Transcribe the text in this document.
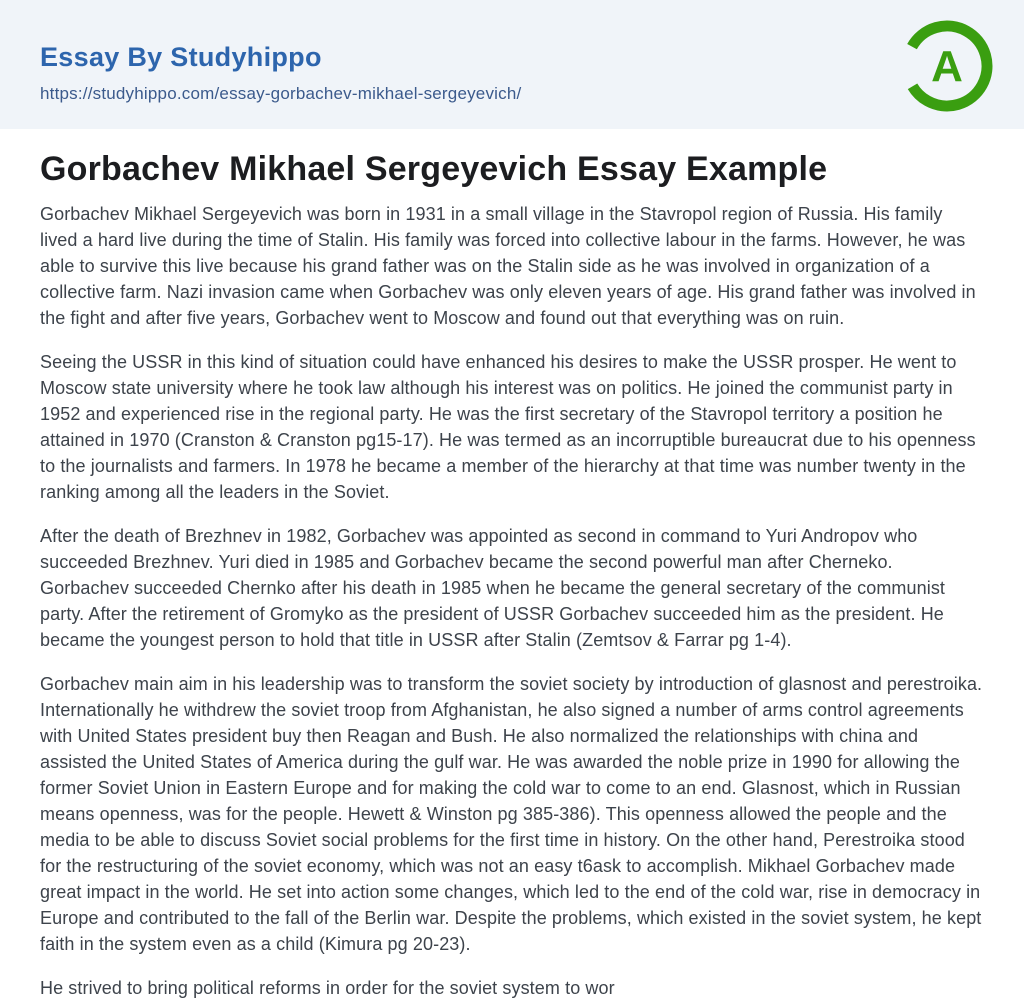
Essay By Studyhippo
https://studyhippo.com/essay-gorbachev-mikhael-sergeyevich/
A
Gorbachev Mikhael Sergeyevich Essay Example

Gorbachev Mikhael Sergeyevich was born in 1931 in a small village in the Stavropol region of Russia. His family lived a hard live during the time of Stalin. His family was forced into collective labour in the farms. However, he was able to survive this live because his grand father was on the Stalin side as he was involved in organization of a collective farm. Nazi invasion came when Gorbachev was only eleven years of age. His grand father was involved in the fight and after five years, Gorbachev went to Moscow and found out that everything was on ruin.

Seeing the USSR in this kind of situation could have enhanced his desires to make the USSR prosper. He went to Moscow state university where he took law although his interest was on politics. He joined the communist party in 1952 and experienced rise in the regional party. He was the first secretary of the Stavropol territory a position he attained in 1970 (Cranston & Cranston pg15-17). He was termed as an incorruptible bureaucrat due to his openness to the journalists and farmers. In 1978 he became a member of the hierarchy at that time was number twenty in the ranking among all the leaders in the Soviet.

After the death of Brezhnev in 1982, Gorbachev was appointed as second in command to Yuri Andropov who succeeded Brezhnev. Yuri died in 1985 and Gorbachev became the second powerful man after Cherneko. Gorbachev succeeded Chernko after his death in 1985 when he became the general secretary of the communist party. After the retirement of Gromyko as the president of USSR Gorbachev succeeded him as the president. He became the youngest person to hold that title in USSR after Stalin (Zemtsov & Farrar pg 1-4).

Gorbachev main aim in his leadership was to transform the soviet society by introduction of glasnost and perestroika. Internationally he withdrew the soviet troop from Afghanistan, he also signed a number of arms control agreements with United States president buy then Reagan and Bush. He also normalized the relationships with china and assisted the United States of America during the gulf war. He was awarded the noble prize in 1990 for allowing the former Soviet Union in Eastern Europe and for making the cold war to come to an end. Glasnost, which in Russian means openness, was for the people. Hewett & Winston pg 385-386). This openness allowed the people and the media to be able to discuss Soviet social problems for the first time in history. On the other hand, Perestroika stood for the restructuring of the soviet economy, which was not an easy t6ask to accomplish. Mikhael Gorbachev made great impact in the world. He set into action some changes, which led to the end of the cold war, rise in democracy in Europe and contributed to the fall of the Berlin war. Despite the problems, which existed in the soviet system, he kept faith in the system even as a child (Kimura pg 20-23).

He strived to bring political reforms in order for the soviet system to wor
